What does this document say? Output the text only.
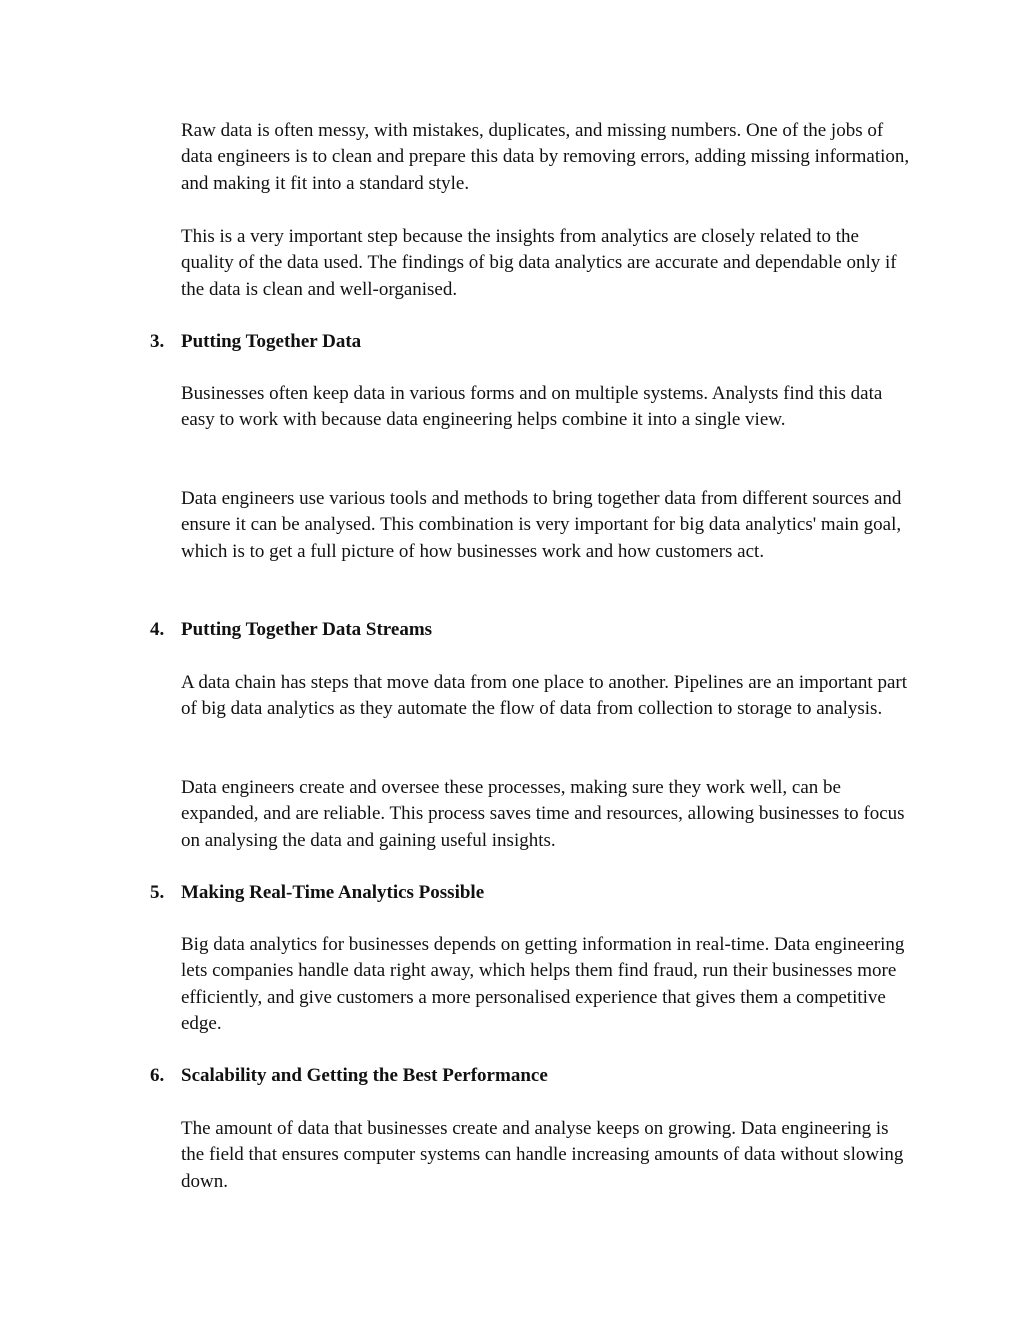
Raw data is often messy, with mistakes, duplicates, and missing numbers. One of the jobs of data engineers is to clean and prepare this data by removing errors, adding missing information, and making it fit into a standard style.

This is a very important step because the insights from analytics are closely related to the quality of the data used. The findings of big data analytics are accurate and dependable only if the data is clean and well-organised.

3. Putting Together Data

Businesses often keep data in various forms and on multiple systems. Analysts find this data easy to work with because data engineering helps combine it into a single view.

Data engineers use various tools and methods to bring together data from different sources and ensure it can be analysed. This combination is very important for big data analytics' main goal, which is to get a full picture of how businesses work and how customers act.

4. Putting Together Data Streams

A data chain has steps that move data from one place to another. Pipelines are an important part of big data analytics as they automate the flow of data from collection to storage to analysis.

Data engineers create and oversee these processes, making sure they work well, can be expanded, and are reliable. This process saves time and resources, allowing businesses to focus on analysing the data and gaining useful insights.

5. Making Real-Time Analytics Possible

Big data analytics for businesses depends on getting information in real-time. Data engineering lets companies handle data right away, which helps them find fraud, run their businesses more efficiently, and give customers a more personalised experience that gives them a competitive edge.

6. Scalability and Getting the Best Performance

The amount of data that businesses create and analyse keeps on growing. Data engineering is the field that ensures computer systems can handle increasing amounts of data without slowing down.
